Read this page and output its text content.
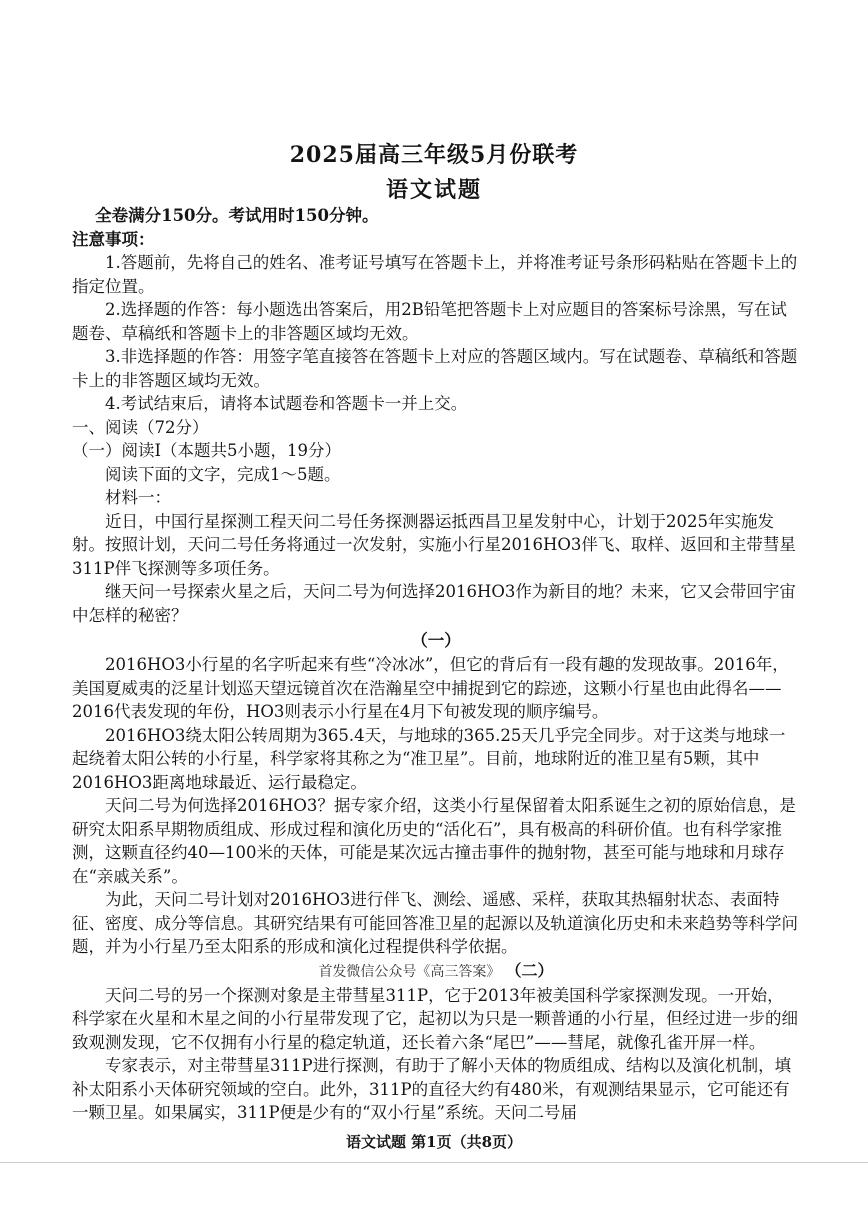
2025届高三年级5月份联考
语文试题

全卷满分150分。考试用时150分钟。

注意事项：

1.答题前，先将自己的姓名、准考证号填写在答题卡上，并将准考证号条形码粘贴在答题卡上的指定位置。

2.选择题的作答：每小题选出答案后，用2B铅笔把答题卡上对应题目的答案标号涂黑，写在试题卷、草稿纸和答题卡上的非答题区域均无效。

3.非选择题的作答：用签字笔直接答在答题卡上对应的答题区域内。写在试题卷、草稿纸和答题卡上的非答题区域均无效。

4.考试结束后，请将本试题卷和答题卡一并上交。

一、阅读（72分）

（一）阅读Ⅰ（本题共5小题，19分）

阅读下面的文字，完成1～5题。

材料一：

近日，中国行星探测工程天问二号任务探测器运抵西昌卫星发射中心，计划于2025年实施发射。按照计划，天问二号任务将通过一次发射，实施小行星2016HO3伴飞、取样、返回和主带彗星311P伴飞探测等多项任务。

继天问一号探索火星之后，天问二号为何选择2016HO3作为新目的地？未来，它又会带回宇宙中怎样的秘密？

（一）

2016HO3小行星的名字听起来有些“冷冰冰”，但它的背后有一段有趣的发现故事。2016年，美国夏威夷的泛星计划巡天望远镜首次在浩瀚星空中捕捉到它的踪迹，这颗小行星也由此得名——2016代表发现的年份，HO3则表示小行星在4月下旬被发现的顺序编号。

2016HO3绕太阳公转周期为365.4天，与地球的365.25天几乎完全同步。对于这类与地球一起绕着太阳公转的小行星，科学家将其称之为“准卫星”。目前，地球附近的准卫星有5颗，其中2016HO3距离地球最近、运行最稳定。

天问二号为何选择2016HO3？据专家介绍，这类小行星保留着太阳系诞生之初的原始信息，是研究太阳系早期物质组成、形成过程和演化历史的“活化石”，具有极高的科研价值。也有科学家推测，这颗直径约40—100米的天体，可能是某次远古撞击事件的抛射物，甚至可能与地球和月球存在“亲戚关系”。

为此，天问二号计划对2016HO3进行伴飞、测绘、遥感、采样，获取其热辐射状态、表面特征、密度、成分等信息。其研究结果有可能回答准卫星的起源以及轨道演化历史和未来趋势等科学问题，并为小行星乃至太阳系的形成和演化过程提供科学依据。

首发微信公众号《高三答案》 （二）

天问二号的另一个探测对象是主带彗星311P，它于2013年被美国科学家探测发现。一开始，科学家在火星和木星之间的小行星带发现了它，起初以为只是一颗普通的小行星，但经过进一步的细致观测发现，它不仅拥有小行星的稳定轨道，还长着六条“尾巴”——彗尾，就像孔雀开屏一样。

专家表示，对主带彗星311P进行探测，有助于了解小天体的物质组成、结构以及演化机制，填补太阳系小天体研究领域的空白。此外，311P的直径大约有480米，有观测结果显示，它可能还有一颗卫星。如果属实，311P便是少有的“双小行星”系统。天问二号届

语文试题 第1页（共8页）
